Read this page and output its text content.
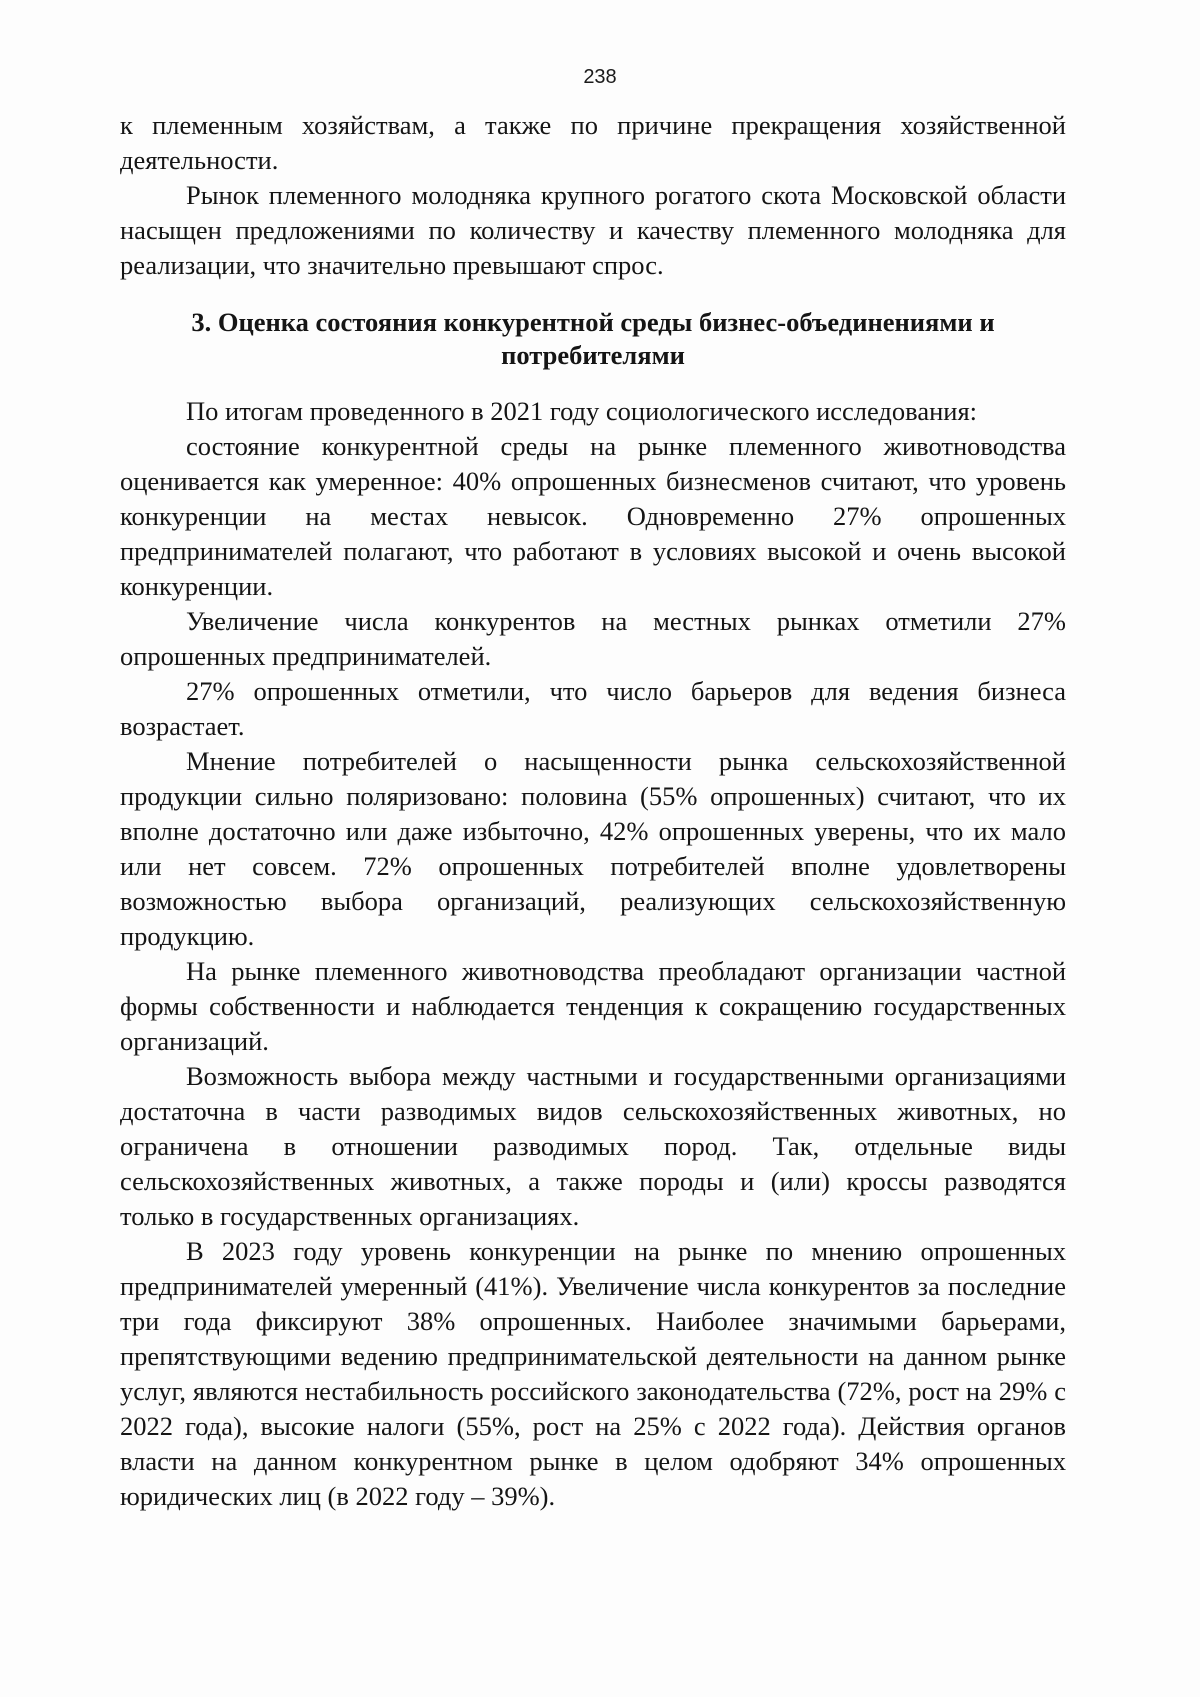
238

к племенным хозяйствам, а также по причине прекращения хозяйственной деятельности.

Рынок племенного молодняка крупного рогатого скота Московской области насыщен предложениями по количеству и качеству племенного молодняка для реализации, что значительно превышают спрос.

3. Оценка состояния конкурентной среды бизнес-объединениями и потребителями

По итогам проведенного в 2021 году социологического исследования:

состояние конкурентной среды на рынке племенного животноводства оценивается как умеренное: 40% опрошенных бизнесменов считают, что уровень конкуренции на местах невысок. Одновременно 27% опрошенных предпринимателей полагают, что работают в условиях высокой и очень высокой конкуренции.

Увеличение числа конкурентов на местных рынках отметили 27% опрошенных предпринимателей.

27% опрошенных отметили, что число барьеров для ведения бизнеса возрастает.

Мнение потребителей о насыщенности рынка сельскохозяйственной продукции сильно поляризовано: половина (55% опрошенных) считают, что их вполне достаточно или даже избыточно, 42% опрошенных уверены, что их мало или нет совсем. 72% опрошенных потребителей вполне удовлетворены возможностью выбора организаций, реализующих сельскохозяйственную продукцию.

На рынке племенного животноводства преобладают организации частной формы собственности и наблюдается тенденция к сокращению государственных организаций.

Возможность выбора между частными и государственными организациями достаточна в части разводимых видов сельскохозяйственных животных, но ограничена в отношении разводимых пород. Так, отдельные виды сельскохозяйственных животных, а также породы и (или) кроссы разводятся только в государственных организациях.

В 2023 году уровень конкуренции на рынке по мнению опрошенных предпринимателей умеренный (41%). Увеличение числа конкурентов за последние три года фиксируют 38% опрошенных. Наиболее значимыми барьерами, препятствующими ведению предпринимательской деятельности на данном рынке услуг, являются нестабильность российского законодательства (72%, рост на 29% с 2022 года), высокие налоги (55%, рост на 25% с 2022 года). Действия органов власти на данном конкурентном рынке в целом одобряют 34% опрошенных юридических лиц (в 2022 году – 39%).
